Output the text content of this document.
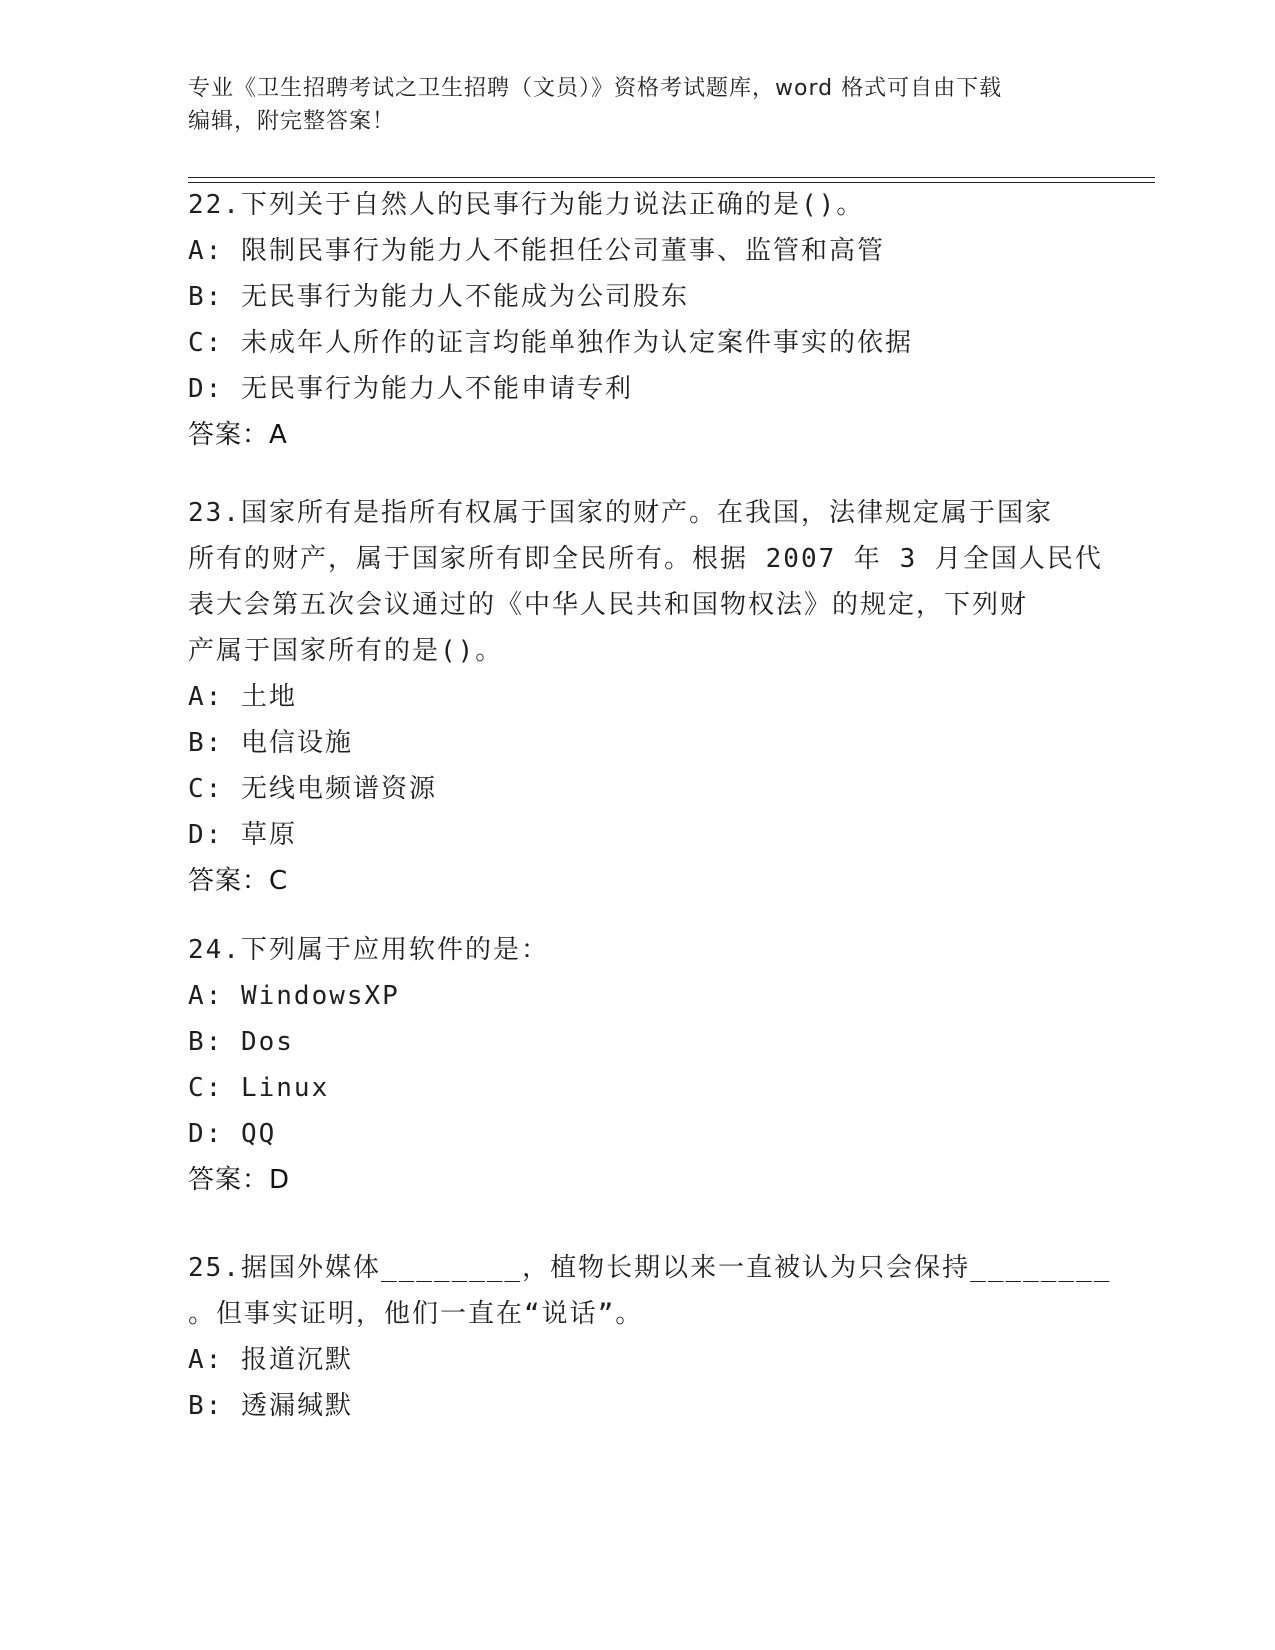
专业《卫生招聘考试之卫生招聘（文员）》资格考试题库，word 格式可自由下载
编辑，附完整答案！
22.下列关于自然人的民事行为能力说法正确的是()。
A: 限制民事行为能力人不能担任公司董事、监管和高管
B: 无民事行为能力人不能成为公司股东
C: 未成年人所作的证言均能单独作为认定案件事实的依据
D: 无民事行为能力人不能申请专利
答案：A
23.国家所有是指所有权属于国家的财产。在我国，法律规定属于国家
所有的财产，属于国家所有即全民所有。根据 2007 年 3 月全国人民代
表大会第五次会议通过的《中华人民共和国物权法》的规定，下列财
产属于国家所有的是()。
A: 土地
B: 电信设施
C: 无线电频谱资源
D: 草原
答案：C
24.下列属于应用软件的是：
A: WindowsXP
B: Dos
C: Linux
D: QQ
答案：D
25.据国外媒体________，植物长期以来一直被认为只会保持________
。但事实证明，他们一直在“说话”。
A: 报道沉默
B: 透漏缄默
